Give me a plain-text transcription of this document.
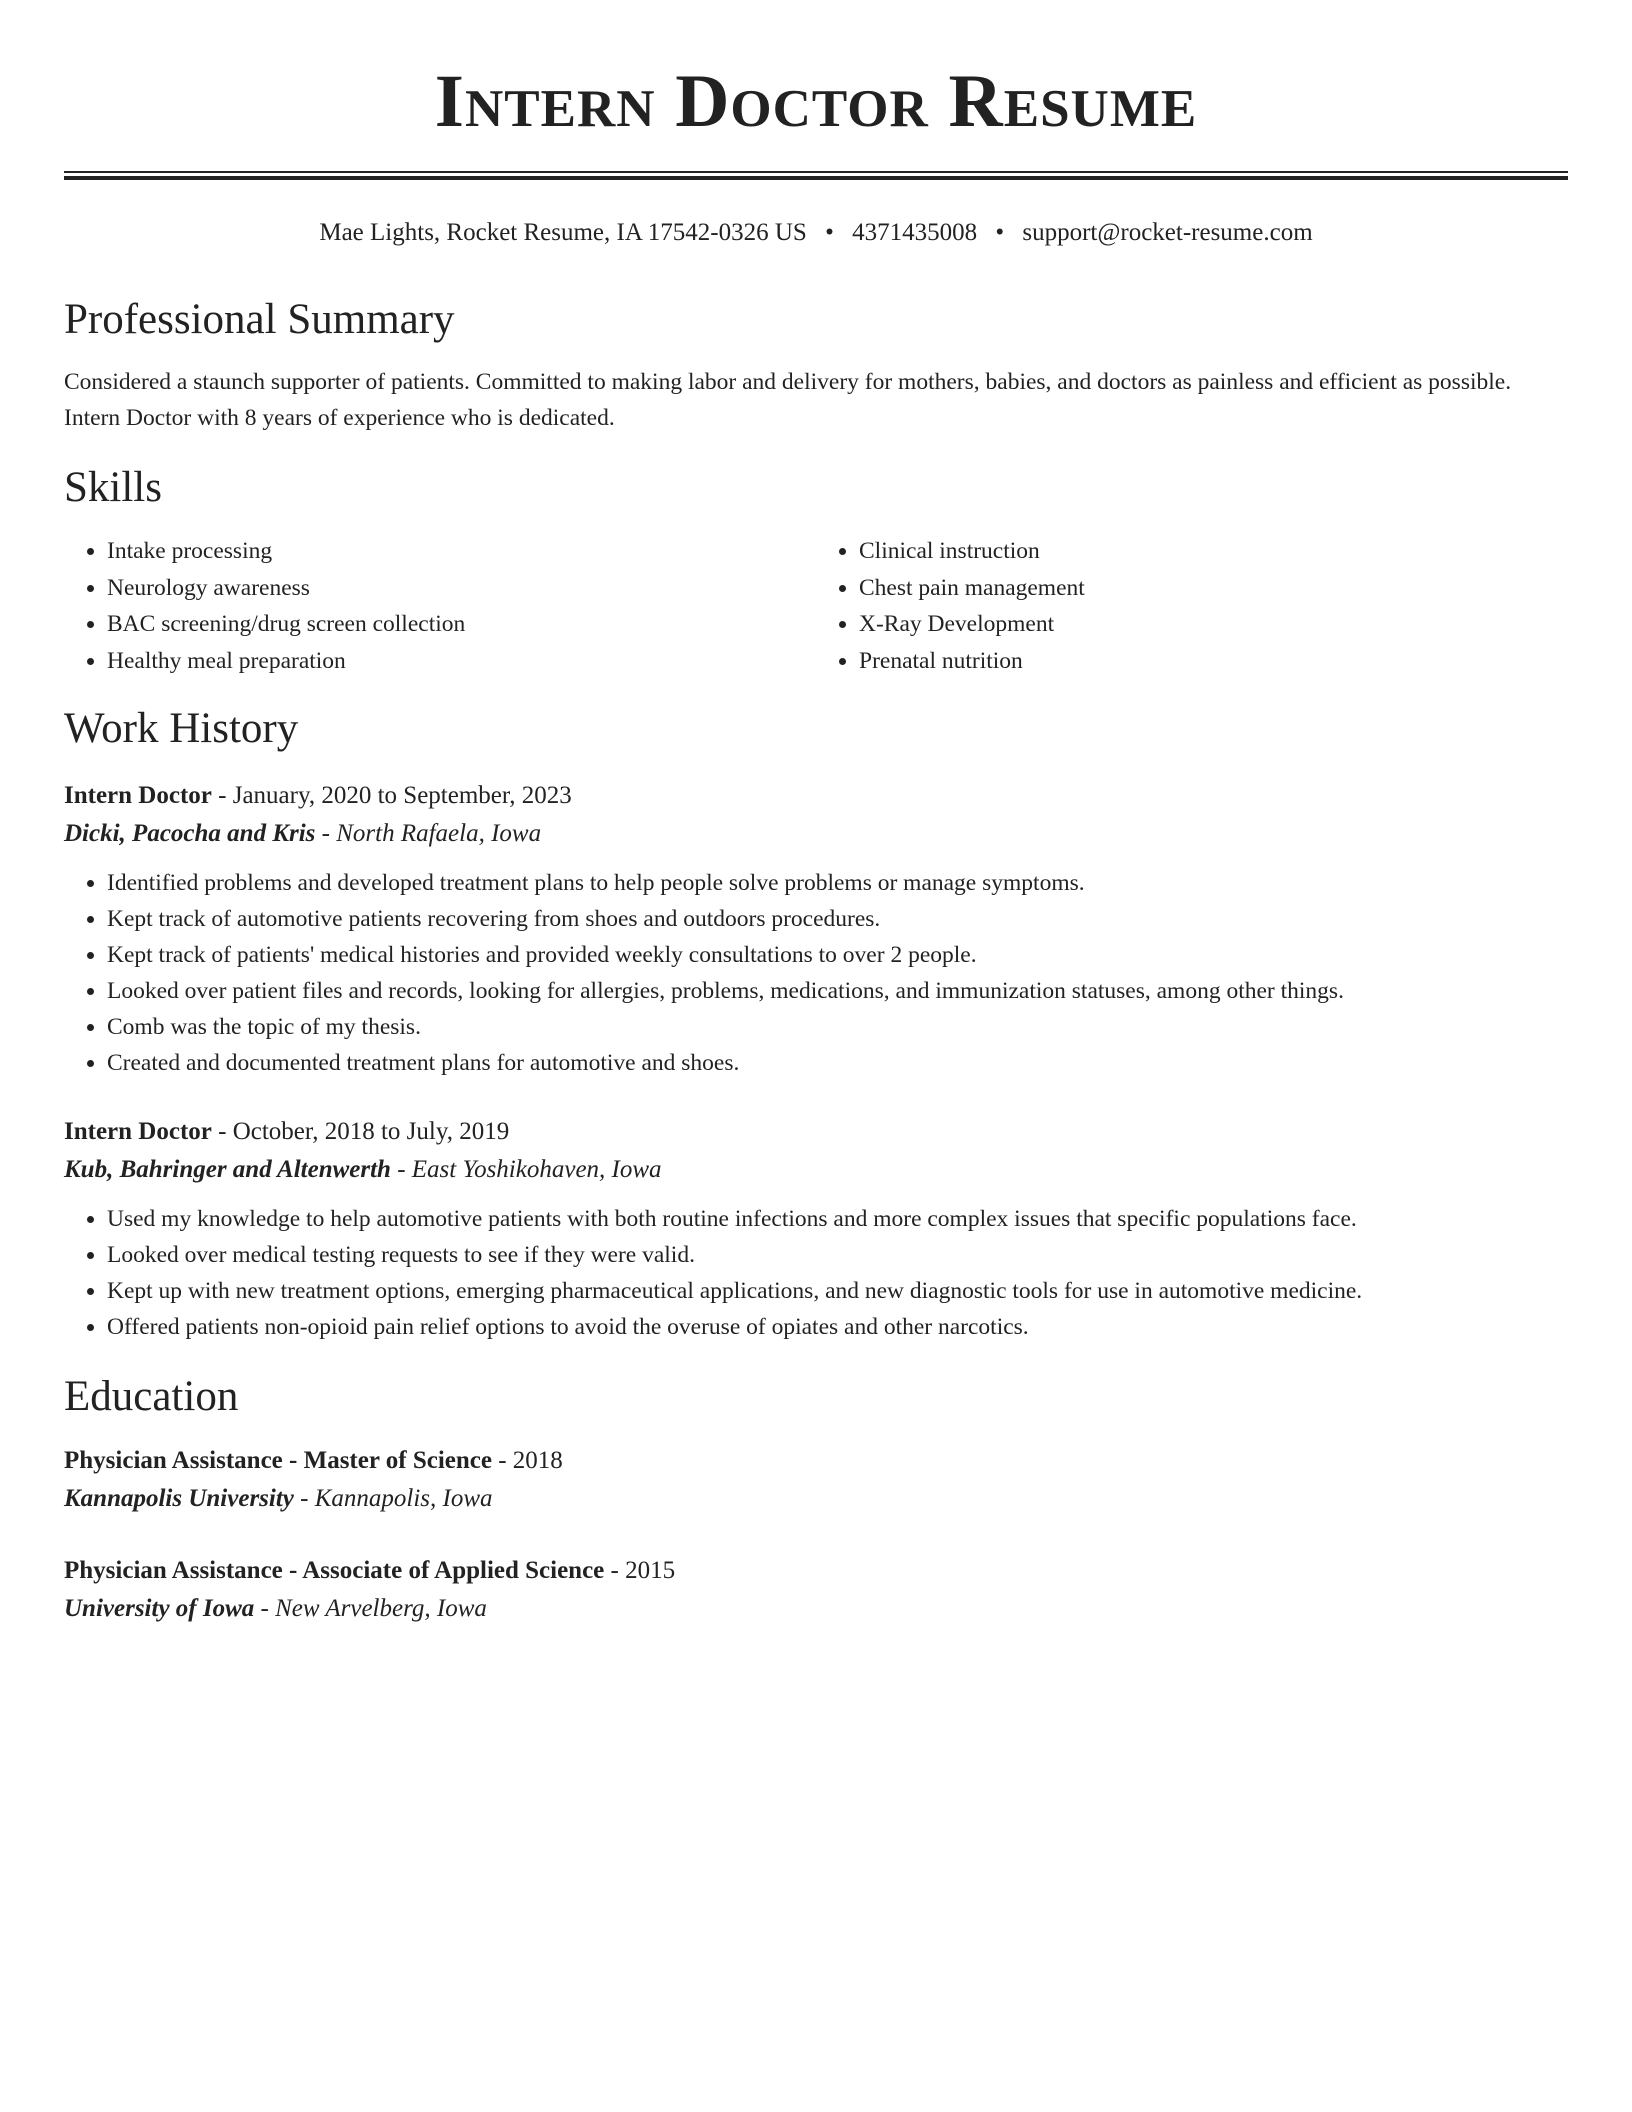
Intern Doctor Resume
Mae Lights, Rocket Resume, IA 17542-0326 US • 4371435008 • support@rocket-resume.com
Professional Summary
Considered a staunch supporter of patients. Committed to making labor and delivery for mothers, babies, and doctors as painless and efficient as possible. Intern Doctor with 8 years of experience who is dedicated.
Skills
• Intake processing
• Neurology awareness
• BAC screening/drug screen collection
• Healthy meal preparation
• Clinical instruction
• Chest pain management
• X-Ray Development
• Prenatal nutrition
Work History
Intern Doctor - January, 2020 to September, 2023
Dicki, Pacocha and Kris - North Rafaela, Iowa
• Identified problems and developed treatment plans to help people solve problems or manage symptoms.
• Kept track of automotive patients recovering from shoes and outdoors procedures.
• Kept track of patients' medical histories and provided weekly consultations to over 2 people.
• Looked over patient files and records, looking for allergies, problems, medications, and immunization statuses, among other things.
• Comb was the topic of my thesis.
• Created and documented treatment plans for automotive and shoes.
Intern Doctor - October, 2018 to July, 2019
Kub, Bahringer and Altenwerth - East Yoshikohaven, Iowa
• Used my knowledge to help automotive patients with both routine infections and more complex issues that specific populations face.
• Looked over medical testing requests to see if they were valid.
• Kept up with new treatment options, emerging pharmaceutical applications, and new diagnostic tools for use in automotive medicine.
• Offered patients non-opioid pain relief options to avoid the overuse of opiates and other narcotics.
Education
Physician Assistance - Master of Science - 2018
Kannapolis University - Kannapolis, Iowa
Physician Assistance - Associate of Applied Science - 2015
University of Iowa - New Arvelberg, Iowa
